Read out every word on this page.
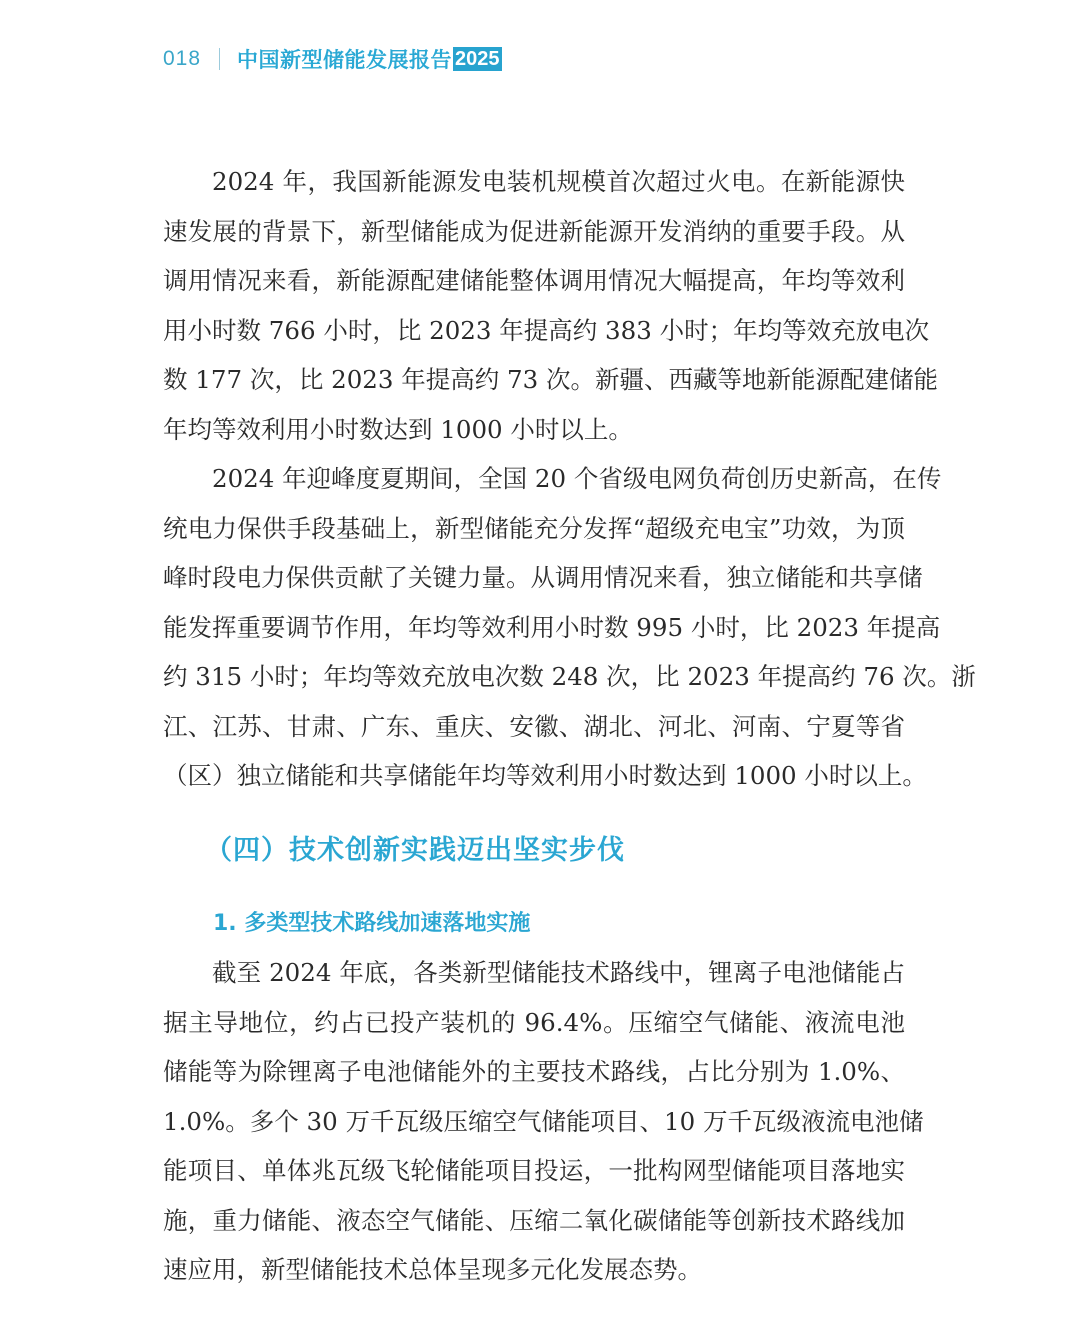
018 中国新型储能发展报告 2025
2024 年，我国新能源发电装机规模首次超过火电。在新能源快
速发展的背景下，新型储能成为促进新能源开发消纳的重要手段。从
调用情况来看，新能源配建储能整体调用情况大幅提高，年均等效利
用小时数 766 小时，比 2023 年提高约 383 小时；年均等效充放电次
数 177 次，比 2023 年提高约 73 次。新疆、西藏等地新能源配建储能
年均等效利用小时数达到 1000 小时以上。
2024 年迎峰度夏期间，全国 20 个省级电网负荷创历史新高，在传
统电力保供手段基础上，新型储能充分发挥“超级充电宝”功效，为顶
峰时段电力保供贡献了关键力量。从调用情况来看，独立储能和共享储
能发挥重要调节作用，年均等效利用小时数 995 小时，比 2023 年提高
约 315 小时；年均等效充放电次数 248 次，比 2023 年提高约 76 次。浙
江、江苏、甘肃、广东、重庆、安徽、湖北、河北、河南、宁夏等省
（区）独立储能和共享储能年均等效利用小时数达到 1000 小时以上。
（四）技术创新实践迈出坚实步伐
1. 多类型技术路线加速落地实施
截至 2024 年底，各类新型储能技术路线中，锂离子电池储能占
据主导地位，约占已投产装机的 96.4%。压缩空气储能、液流电池
储能等为除锂离子电池储能外的主要技术路线，占比分别为 1.0%、
1.0%。多个 30 万千瓦级压缩空气储能项目、10 万千瓦级液流电池储
能项目、单体兆瓦级飞轮储能项目投运，一批构网型储能项目落地实
施，重力储能、液态空气储能、压缩二氧化碳储能等创新技术路线加
速应用，新型储能技术总体呈现多元化发展态势。
